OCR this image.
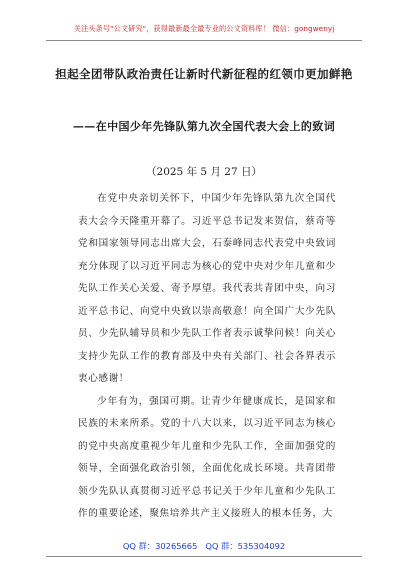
关注头条号"公文研究"，获得最新最全最专业的公文资料库！ 微信：gongwenyj
担起全团带队政治责任让新时代新征程的红领巾更加鲜艳
——在中国少年先锋队第九次全国代表大会上的致词
（2025 年 5 月 27 日）

在党中央亲切关怀下，中国少年先锋队第九次全国代表大会今天隆重开幕了。习近平总书记发来贺信，蔡奇等党和国家领导同志出席大会，石泰峰同志代表党中央致词充分体现了以习近平同志为核心的党中央对少年儿童和少先队工作关心关爱、寄予厚望。我代表共青团中央，向习近平总书记、向党中央致以崇高敬意！向全国广大少先队员、少先队辅导员和少先队工作者表示诚挚问候！向关心支持少先队工作的教育部及中央有关部门、社会各界表示衷心感谢！

少年有为，强国可期。让青少年健康成长，是国家和民族的未来所系。党的十八大以来，以习近平同志为核心的党中央高度重视少年儿童和少先队工作，全面加强党的领导，全面强化政治引领，全面优化成长环境。共青团带领少先队认真贯彻习近平总书记关于少年儿童和少先队工作的重要论述，聚焦培养共产主义接班人的根本任务，大

QQ 群：30265665 QQ 群：535304092
